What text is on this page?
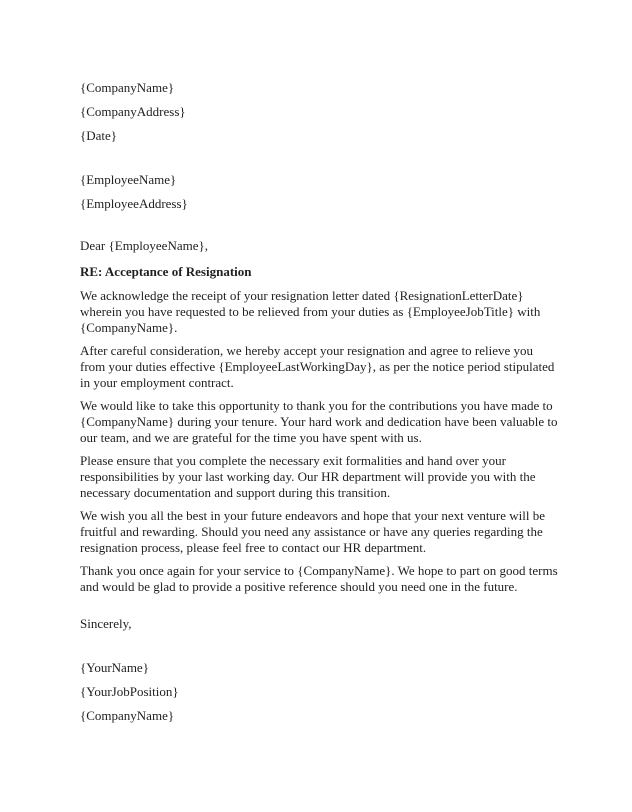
{CompanyName}

{CompanyAddress}

{Date}

{EmployeeName}

{EmployeeAddress}

Dear {EmployeeName},

RE: Acceptance of Resignation

We acknowledge the receipt of your resignation letter dated {ResignationLetterDate} wherein you have requested to be relieved from your duties as {EmployeeJobTitle} with {CompanyName}.

After careful consideration, we hereby accept your resignation and agree to relieve you from your duties effective {EmployeeLastWorkingDay}, as per the notice period stipulated in your employment contract.

We would like to take this opportunity to thank you for the contributions you have made to {CompanyName} during your tenure. Your hard work and dedication have been valuable to our team, and we are grateful for the time you have spent with us.

Please ensure that you complete the necessary exit formalities and hand over your responsibilities by your last working day. Our HR department will provide you with the necessary documentation and support during this transition.

We wish you all the best in your future endeavors and hope that your next venture will be fruitful and rewarding. Should you need any assistance or have any queries regarding the resignation process, please feel free to contact our HR department.

Thank you once again for your service to {CompanyName}. We hope to part on good terms and would be glad to provide a positive reference should you need one in the future.

Sincerely,

{YourName}

{YourJobPosition}

{CompanyName}
